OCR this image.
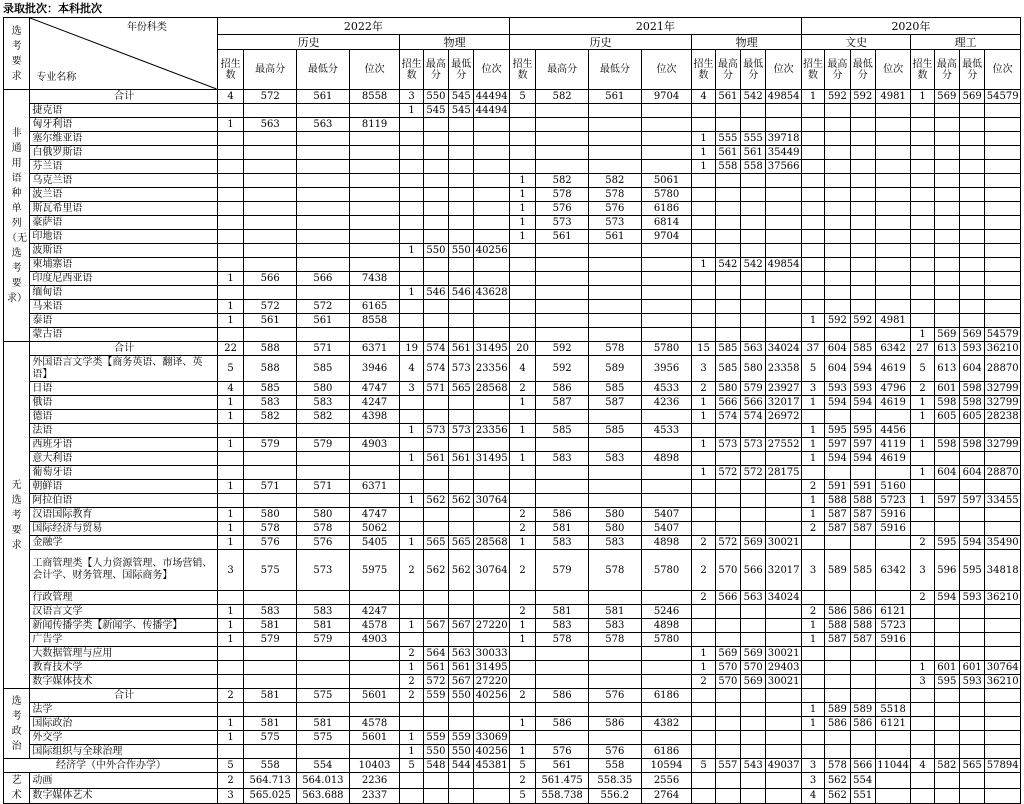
录取批次：本科批次
选考要求	年份科类
专业名称	2022年								2021年								2020年							
		历史				物理				历史				物理				文史				理工			
		招生数	最高分	最低分	位次	招生数	最高分	最低分	位次	招生数	最高分	最低分	位次	招生数	最高分	最低分	位次	招生数	最高分	最低分	位次	招生数	最高分	最低分	位次
非通用语种单列（无选考要求）	合计	4	572	561	8558	3	550	545	44494	5	582	561	9704	4	561	542	49854	1	592	592	4981	1	569	569	54579
	捷克语					1	545	545	44494																
	匈牙利语	1	563	563	8119																				
	塞尔维亚语													1	555	555	39718								
	白俄罗斯语													1	561	561	35449								
	芬兰语													1	558	558	37566								
	乌克兰语									1	582	582	5061												
	波兰语									1	578	578	5780												
	斯瓦希里语									1	576	576	6186												
	豪萨语									1	573	573	6814												
	印地语									1	561	561	9704												
	波斯语					1	550	550	40256																
	柬埔寨语													1	542	542	49854								
	印度尼西亚语	1	566	566	7438																				
	缅甸语					1	546	546	43628																
	马来语	1	572	572	6165																				
	泰语	1	561	561	8558													1	592	592	4981				
	蒙古语																					1	569	569	54579
无选考要求	合计	22	588	571	6371	19	574	561	31495	20	592	578	5780	15	585	563	34024	37	604	585	6342	27	613	593	36210
	外国语言文学类【商务英语、翻译、英语】	5	588	585	3946	4	574	573	23356	4	592	589	3956	3	585	580	23358	5	604	594	4619	5	613	604	28870
	日语	4	585	580	4747	3	571	565	28568	2	586	585	4533	2	580	579	23927	3	593	593	4796	2	601	598	32799
	俄语	1	583	583	4247					1	587	587	4236	1	566	566	32017	1	594	594	4619	1	598	598	32799
	德语	1	582	582	4398									1	574	574	26972					1	605	605	28238
	法语					1	573	573	23356	1	585	585	4533					1	595	595	4456				
	西班牙语	1	579	579	4903									1	573	573	27552	1	597	597	4119	1	598	598	32799
	意大利语					1	561	561	31495	1	583	583	4898					1	594	594	4619				
	葡萄牙语													1	572	572	28175					1	604	604	28870
	朝鲜语	1	571	571	6371													2	591	591	5160				
	阿拉伯语					1	562	562	30764									1	588	588	5723	1	597	597	33455
	汉语国际教育	1	580	580	4747					2	586	580	5407					1	587	587	5916				
	国际经济与贸易	1	578	578	5062					2	581	580	5407					2	587	587	5916				
	金融学	1	576	576	5405	1	565	565	28568	1	583	583	4898	2	572	569	30021					2	595	594	35490
	工商管理类【人力资源管理、市场营销、会计学、财务管理、国际商务】	3	575	573	5975	2	562	562	30764	2	579	578	5780	2	570	566	32017	3	589	585	6342	3	596	595	34818
	行政管理													2	566	563	34024					2	594	593	36210
	汉语言文学	1	583	583	4247					2	581	581	5246					2	586	586	6121				
	新闻传播学类【新闻学、传播学】	1	581	581	4578	1	567	567	27220	1	583	583	4898					1	588	588	5723				
	广告学	1	579	579	4903					1	578	578	5780					1	587	587	5916				
	大数据管理与应用					2	564	563	30033					1	569	569	30021								
	教育技术学					1	561	561	31495					1	570	570	29403					1	601	601	30764
	数字媒体技术					2	572	567	27220					2	570	569	30021					3	595	593	36210
选考政治	合计	2	581	575	5601	2	559	550	40256	2	586	576	6186												
	法学																	1	589	589	5518				
	国际政治	1	581	581	4578					1	586	586	4382					1	586	586	6121				
	外交学	1	575	575	5601	1	559	559	33069																
	国际组织与全球治理					1	550	550	40256	1	576	576	6186												
经济学（中外合作办学）		5	558	554	10403	5	548	544	45381	5	561	558	10594	5	557	543	49037	3	578	566	11044	4	582	565	57894
艺术	动画	2	564.713	564.013	2236					2	561.475	558.35	2556					3	562	554					
	数字媒体艺术	3	565.025	563.688	2337					5	558.738	556.2	2764					4	562	551					
